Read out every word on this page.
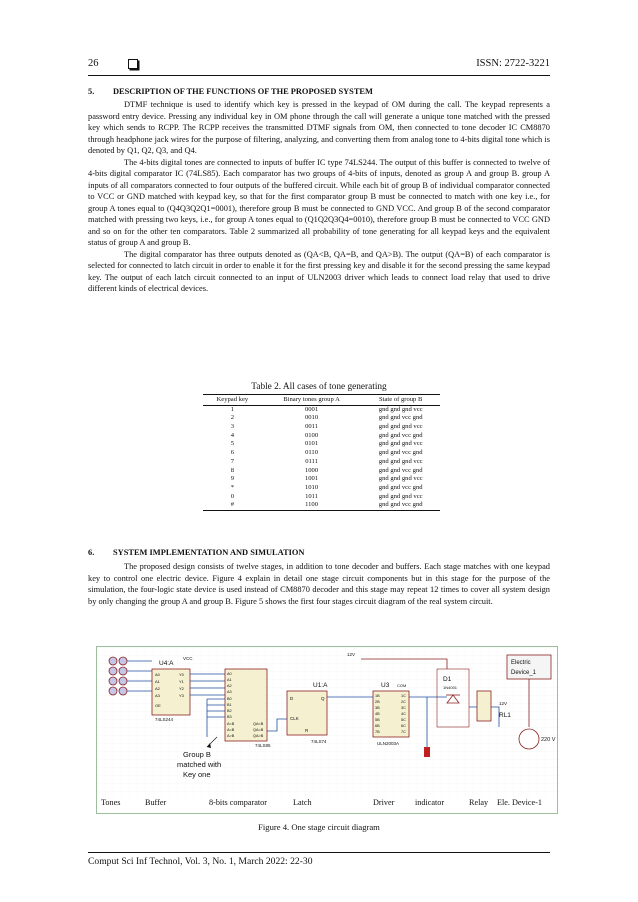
26	ISSN: 2722-3221
5. DESCRIPTION OF THE FUNCTIONS OF THE PROPOSED SYSTEM

DTMF technique is used to identify which key is pressed in the keypad of OM during the call. The keypad represents a password entry device. Pressing any individual key in OM phone through the call will generate a unique tone matched with the pressed key which sends to RCPP. The RCPP receives the transmitted DTMF signals from OM, then connected to tone decoder IC CM8870 through headphone jack wires for the purpose of filtering, analyzing, and converting them from analog tone to 4-bits digital tone which is denoted by Q1, Q2, Q3, and Q4.

The 4-bits digital tones are connected to inputs of buffer IC type 74LS244. The output of this buffer is connected to twelve of 4-bits digital comparator IC (74LS85). Each comparator has two groups of 4-bits of inputs, denoted as group A and group B. group A inputs of all comparators connected to four outputs of the buffered circuit. While each bit of group B of individual comparator connected to VCC or GND matched with keypad key, so that for the first comparator group B must be connected to match with one key i.e., for group A tones equal to (Q4Q3Q2Q1=0001), therefore group B must be connected to GND VCC. And group B of the second comparator matched with pressing two keys, i.e., for group A tones equal to (Q1Q2Q3Q4=0010), therefore group B must be connected to VCC GND and so on for the other ten comparators. Table 2 summarized all probability of tone generating for all keypad keys and the equivalent status of group A and group B.

The digital comparator has three outputs denoted as (QA<B, QA=B, and QA>B). The output (QA=B) of each comparator is selected for connected to latch circuit in order to enable it for the first pressing key and disable it for the second pressing the same keypad key. The output of each latch circuit connected to an input of ULN2003 driver which leads to connect load relay that used to drive different kinds of electrical devices.

Table 2. All cases of tone generating
Keypad key	Binary tones group A	State of group B
1	0001	gnd gnd gnd vcc
2	0010	gnd gnd vcc gnd
3	0011	gnd gnd gnd vcc
4	0100	gnd gnd vcc gnd
5	0101	gnd gnd gnd vcc
6	0110	gnd gnd vcc gnd
7	0111	gnd gnd gnd vcc
8	1000	gnd gnd vcc gnd
9	1001	gnd gnd gnd vcc
*	1010	gnd gnd vcc gnd
0	1011	gnd gnd gnd vcc
#	1100	gnd gnd vcc gnd
6. SYSTEM IMPLEMENTATION AND SIMULATION

The proposed design consists of twelve stages, in addition to tone decoder and buffers. Each stage matches with one keypad key to control one electric device. Figure 4 explain in detail one stage circuit components but in this stage for the purpose of the simulation, the four-logic state device is used instead of CM8870 decoder and this stage may repeat 12 times to cover all system design by only changing the group A and group B. Figure 5 shows the first four stages circuit diagram of the real system circuit.

U4:A
VCC
A0
A1
A2
A3
OE
Y0
Y1
Y2
Y3
74LS244
A0
A1
A2
A3
B0
B1
B2
B3
A<B
A=B
A>B
QA<B
QA=B
QA>B
74LS85
Group B
matched with
Key one
U1:A
D	Q
CLK
R
74LS74
12V
U3 COM
1B
2B
3B
4B
5B
6B
7B
1C
2C
3C
4C
5C
6C
7C
ULN2003A
D1
1N4001
12V
RL1
Electric
Device_1
220 V
Tones	Buffer	8-bits comparator	Latch	Driver	indicator	Relay Ele. Device-1
Figure 4. One stage circuit diagram
Comput Sci Inf Technol, Vol. 3, No. 1, March 2022: 22-30
